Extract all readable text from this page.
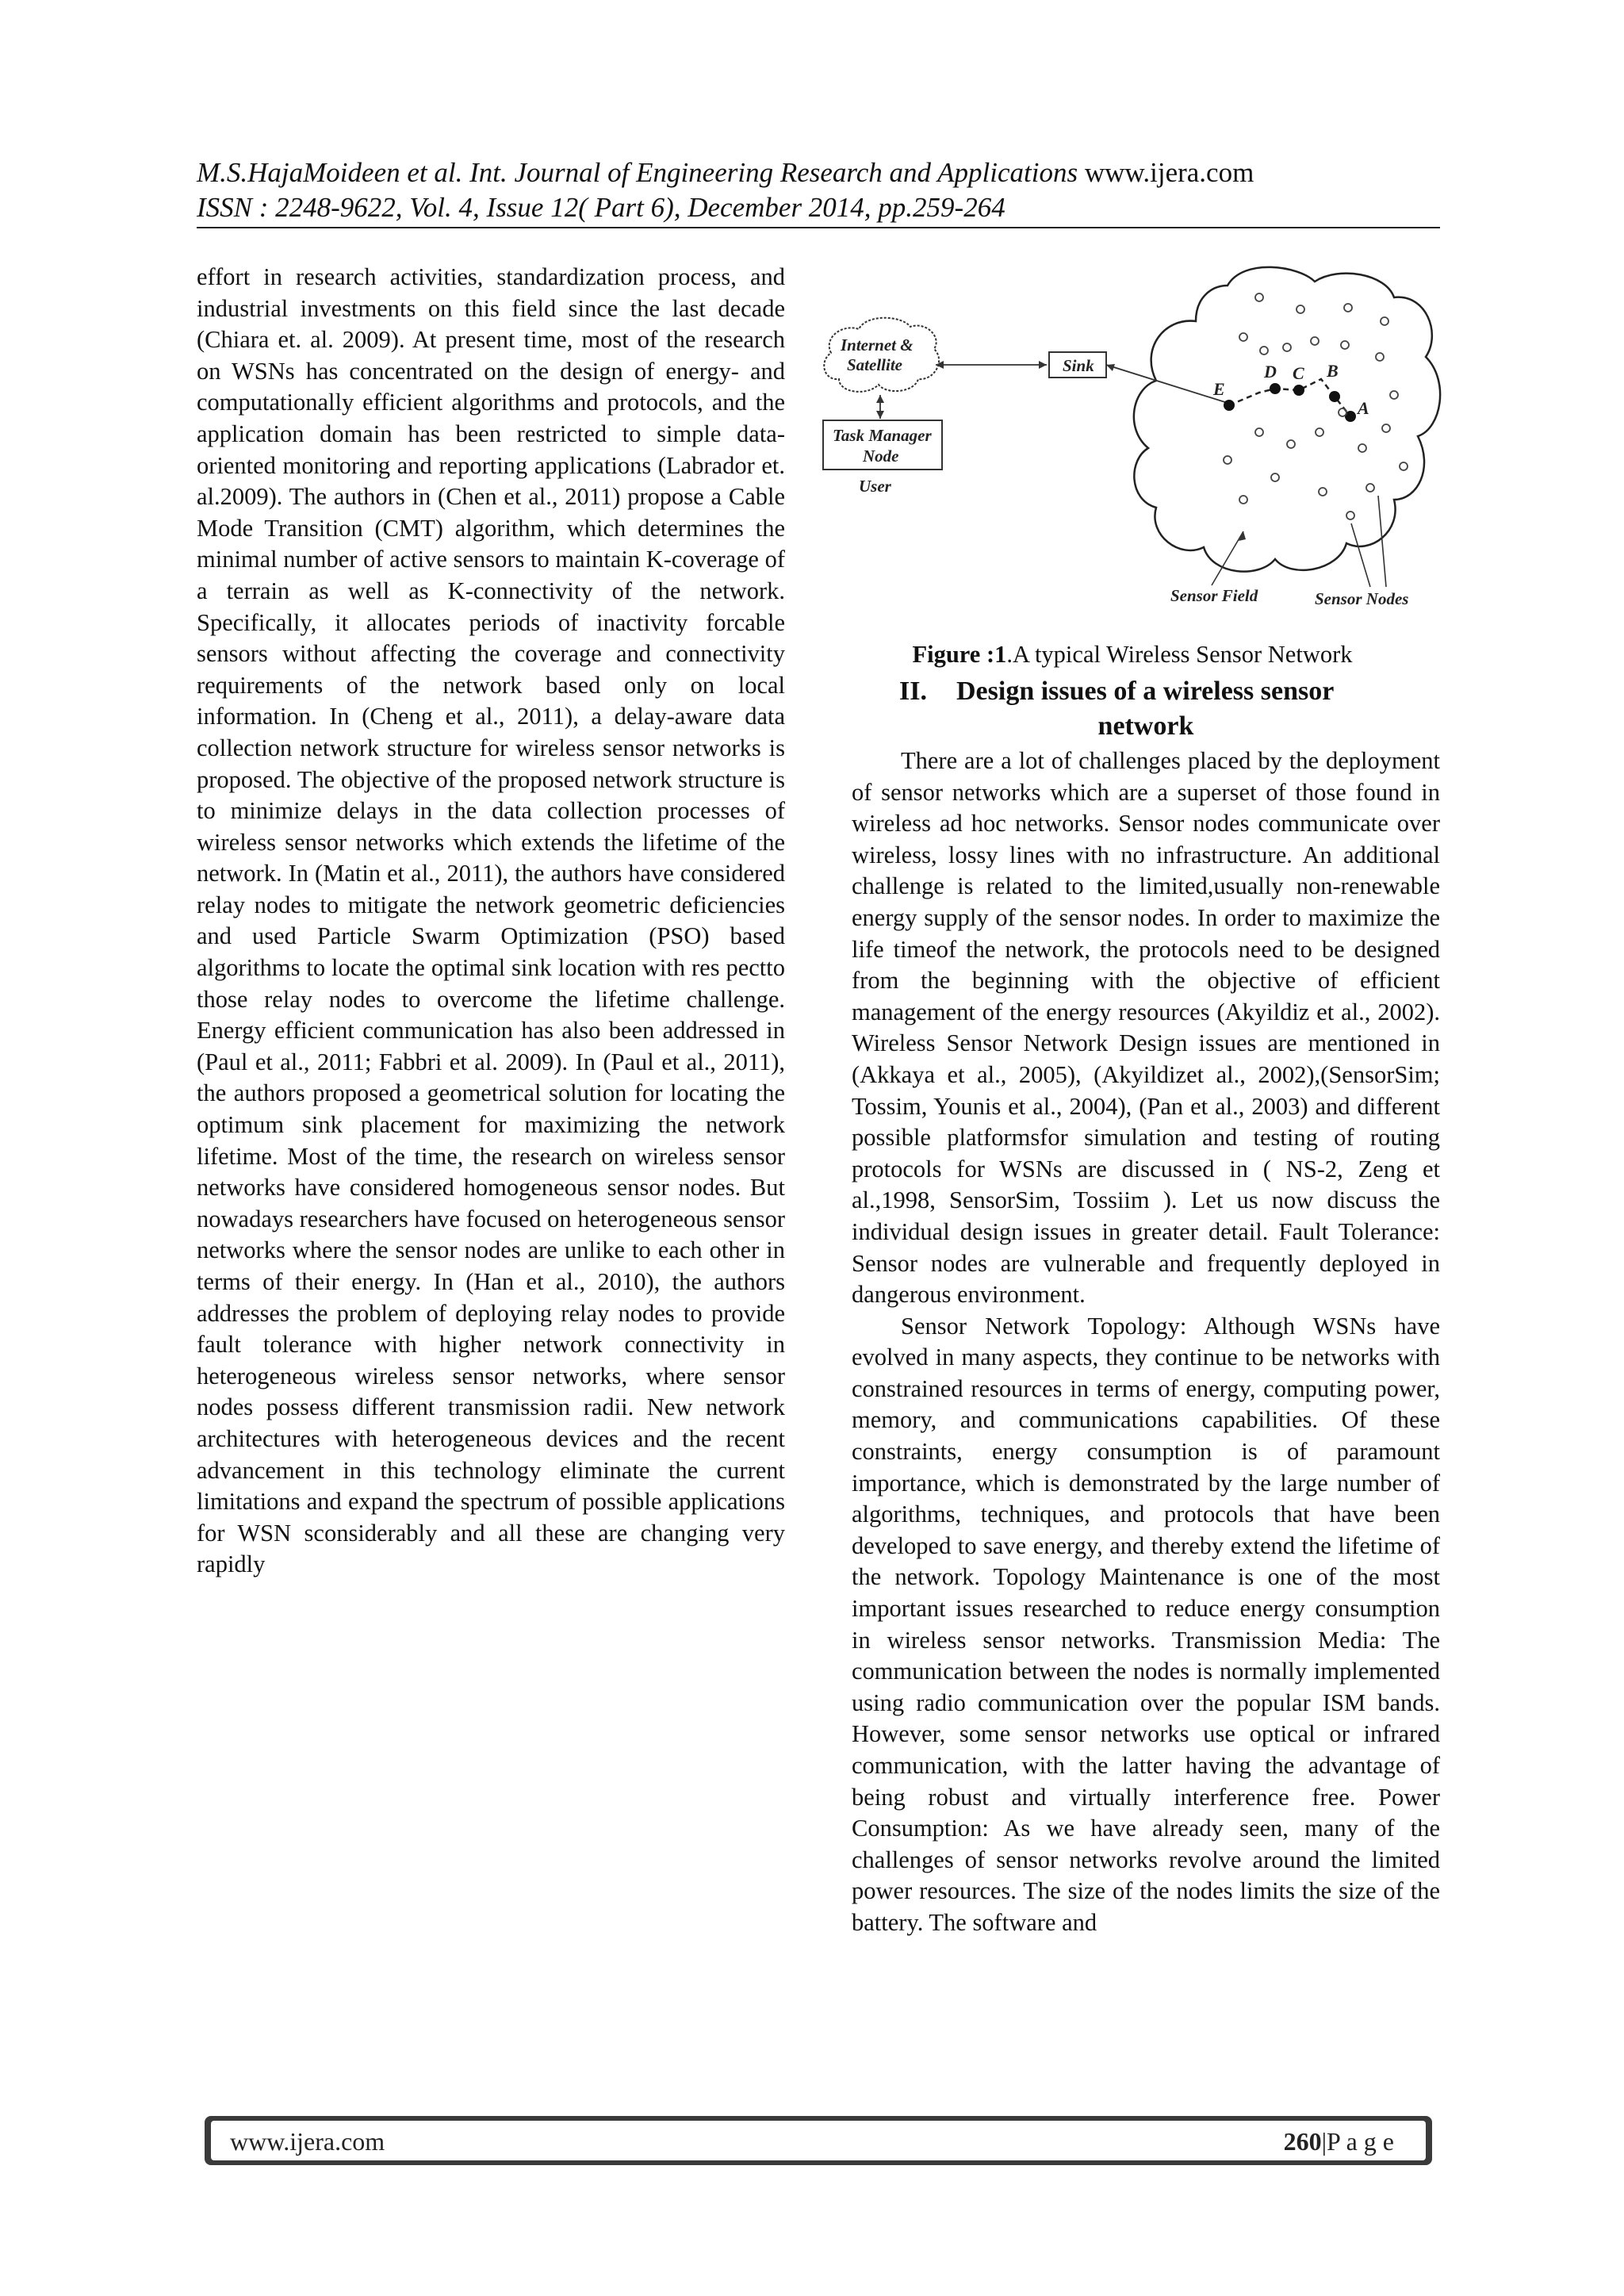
M.S.HajaMoideen et al. Int. Journal of Engineering Research and Applications www.ijera.com
ISSN : 2248-9622, Vol. 4, Issue 12( Part 6), December 2014, pp.259-264

effort in research activities, standardization process, and industrial investments on this field since the last decade (Chiara et. al. 2009). At present time, most of the research on WSNs has concentrated on the design of energy- and computationally efficient algorithms and protocols, and the application domain has been restricted to simple data-oriented monitoring and reporting applications (Labrador et. al.2009). The authors in (Chen et al., 2011) propose a Cable Mode Transition (CMT) algorithm, which determines the minimal number of active sensors to maintain K-coverage of a terrain as well as K-connectivity of the network. Specifically, it allocates periods of inactivity forcable sensors without affecting the coverage and connectivity requirements of the network based only on local information. In (Cheng et al., 2011), a delay-aware data collection network structure for wireless sensor networks is proposed. The objective of the proposed network structure is to minimize delays in the data collection processes of wireless sensor networks which extends the lifetime of the network. In (Matin et al., 2011), the authors have considered relay nodes to mitigate the network geometric deficiencies and used Particle Swarm Optimization (PSO) based algorithms to locate the optimal sink location with res pectto those relay nodes to overcome the lifetime challenge. Energy efficient communication has also been addressed in (Paul et al., 2011; Fabbri et al. 2009). In (Paul et al., 2011), the authors proposed a geometrical solution for locating the optimum sink placement for maximizing the network lifetime. Most of the time, the research on wireless sensor networks have considered homogeneous sensor nodes. But nowadays researchers have focused on heterogeneous sensor networks where the sensor nodes are unlike to each other in terms of their energy. In (Han et al., 2010), the authors addresses the problem of deploying relay nodes to provide fault tolerance with higher network connectivity in heterogeneous wireless sensor networks, where sensor nodes possess different transmission radii. New network architectures with heterogeneous devices and the recent advancement in this technology eliminate the current limitations and expand the spectrum of possible applications for WSN sconsiderably and all these are changing very rapidly

Internet &
Satellite	Sink
Task Manager
Node
User
E
D C B
A
Sensor Field	Sensor Nodes
Figure :1.A typical Wireless Sensor Network
II. Design issues of a wireless sensor
network

There are a lot of challenges placed by the deployment of sensor networks which are a superset of those found in wireless ad hoc networks. Sensor nodes communicate over wireless, lossy lines with no infrastructure. An additional challenge is related to the limited,usually non-renewable energy supply of the sensor nodes. In order to maximize the life timeof the network, the protocols need to be designed from the beginning with the objective of efficient management of the energy resources (Akyildiz et al., 2002). Wireless Sensor Network Design issues are mentioned in (Akkaya et al., 2005), (Akyildizet al., 2002),(SensorSim; Tossim, Younis et al., 2004), (Pan et al., 2003) and different possible platformsfor simulation and testing of routing protocols for WSNs are discussed in ( NS-2, Zeng et al.,1998, SensorSim, Tossiim ). Let us now discuss the individual design issues in greater detail. Fault Tolerance: Sensor nodes are vulnerable and frequently deployed in dangerous environment.

Sensor Network Topology: Although WSNs have evolved in many aspects, they continue to be networks with constrained resources in terms of energy, computing power, memory, and communications capabilities. Of these constraints, energy consumption is of paramount importance, which is demonstrated by the large number of algorithms, techniques, and protocols that have been developed to save energy, and thereby extend the lifetime of the network. Topology Maintenance is one of the most important issues researched to reduce energy consumption in wireless sensor networks. Transmission Media: The communication between the nodes is normally implemented using radio communication over the popular ISM bands. However, some sensor networks use optical or infrared communication, with the latter having the advantage of being robust and virtually interference free. Power Consumption: As we have already seen, many of the challenges of sensor networks revolve around the limited power resources. The size of the nodes limits the size of the battery. The software and

www.ijera.com	260|P a g e
